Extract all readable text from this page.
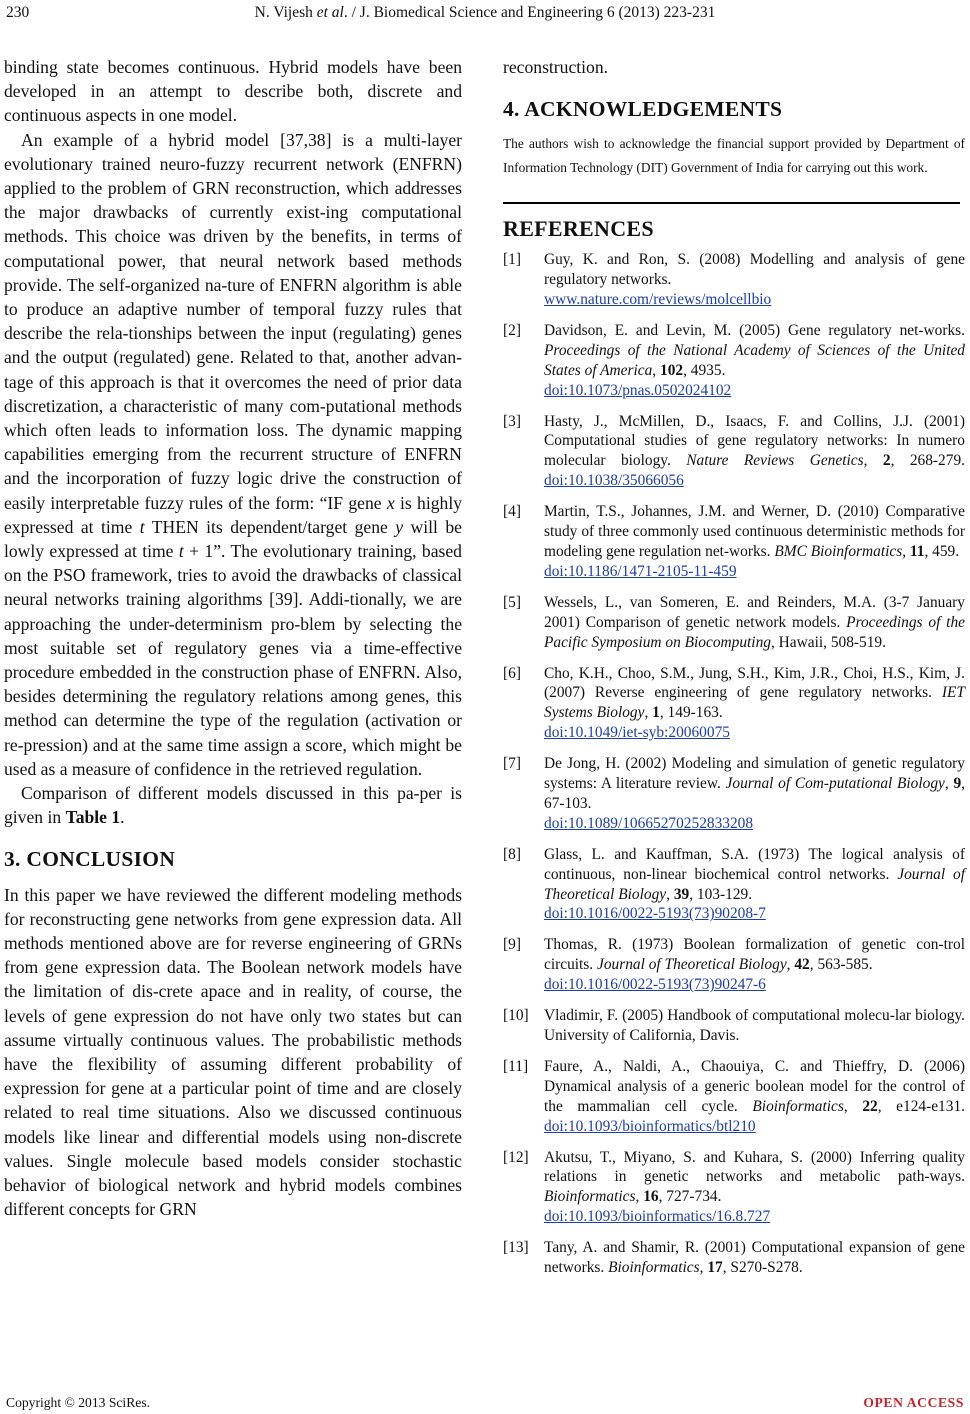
230	N. Vijesh et al. / J. Biomedical Science and Engineering 6 (2013) 223-231

binding state becomes continuous. Hybrid models have been developed in an attempt to describe both, discrete and continuous aspects in one model.

An example of a hybrid model [37,38] is a multi-layer evolutionary trained neuro-fuzzy recurrent network (ENFRN) applied to the problem of GRN reconstruction, which addresses the major drawbacks of currently exist-ing computational methods. This choice was driven by the benefits, in terms of computational power, that neural network based methods provide. The self-organized na-ture of ENFRN algorithm is able to produce an adaptive number of temporal fuzzy rules that describe the rela-tionships between the input (regulating) genes and the output (regulated) gene. Related to that, another advan-tage of this approach is that it overcomes the need of prior data discretization, a characteristic of many com-putational methods which often leads to information loss. The dynamic mapping capabilities emerging from the recurrent structure of ENFRN and the incorporation of fuzzy logic drive the construction of easily interpretable fuzzy rules of the form: “IF gene x is highly expressed at time t THEN its dependent/target gene y will be lowly expressed at time t + 1”. The evolutionary training, based on the PSO framework, tries to avoid the drawbacks of classical neural networks training algorithms [39]. Addi-tionally, we are approaching the under-determinism pro-blem by selecting the most suitable set of regulatory genes via a time-effective procedure embedded in the construction phase of ENFRN. Also, besides determining the regulatory relations among genes, this method can determine the type of the regulation (activation or re-pression) and at the same time assign a score, which might be used as a measure of confidence in the retrieved regulation.

Comparison of different models discussed in this pa-per is given in Table 1.

3. CONCLUSION

In this paper we have reviewed the different modeling methods for reconstructing gene networks from gene expression data. All methods mentioned above are for reverse engineering of GRNs from gene expression data. The Boolean network models have the limitation of dis-crete apace and in reality, of course, the levels of gene expression do not have only two states but can assume virtually continuous values. The probabilistic methods have the flexibility of assuming different probability of expression for gene at a particular point of time and are closely related to real time situations. Also we discussed continuous models like linear and differential models using non-discrete values. Single molecule based models consider stochastic behavior of biological network and hybrid models combines different concepts for GRN

reconstruction.

4. ACKNOWLEDGEMENTS

The authors wish to acknowledge the financial support provided by Department of Information Technology (DIT) Government of India for carrying out this work.

REFERENCES
[1] Guy, K. and Ron, S. (2008) Modelling and analysis of gene regulatory networks.
www.nature.com/reviews/molcellbio
[2] Davidson, E. and Levin, M. (2005) Gene regulatory net-works. Proceedings of the National Academy of Sciences of the United States of America, 102, 4935.
doi:10.1073/pnas.0502024102
[3] Hasty, J., McMillen, D., Isaacs, F. and Collins, J.J. (2001) Computational studies of gene regulatory networks: In numero molecular biology. Nature Reviews Genetics, 2, 268-279. doi:10.1038/35066056
[4] Martin, T.S., Johannes, J.M. and Werner, D. (2010) Comparative study of three commonly used continuous deterministic methods for modeling gene regulation net-works. BMC Bioinformatics, 11, 459.
doi:10.1186/1471-2105-11-459
[5] Wessels, L., van Someren, E. and Reinders, M.A. (3-7 January 2001) Comparison of genetic network models. Proceedings of the Pacific Symposium on Biocomputing, Hawaii, 508-519.
[6] Cho, K.H., Choo, S.M., Jung, S.H., Kim, J.R., Choi, H.S., Kim, J. (2007) Reverse engineering of gene regulatory networks. IET Systems Biology, 1, 149-163.
doi:10.1049/iet-syb:20060075
[7] De Jong, H. (2002) Modeling and simulation of genetic regulatory systems: A literature review. Journal of Com-putational Biology, 9, 67-103.
doi:10.1089/10665270252833208
[8] Glass, L. and Kauffman, S.A. (1973) The logical analysis of continuous, non-linear biochemical control networks. Journal of Theoretical Biology, 39, 103-129.
doi:10.1016/0022-5193(73)90208-7
[9] Thomas, R. (1973) Boolean formalization of genetic con-trol circuits. Journal of Theoretical Biology, 42, 563-585.
doi:10.1016/0022-5193(73)90247-6
[10] Vladimir, F. (2005) Handbook of computational molecu-lar biology. University of California, Davis.
[11] Faure, A., Naldi, A., Chaouiya, C. and Thieffry, D. (2006) Dynamical analysis of a generic boolean model for the control of the mammalian cell cycle. Bioinformatics, 22, e124-e131. doi:10.1093/bioinformatics/btl210
[12] Akutsu, T., Miyano, S. and Kuhara, S. (2000) Inferring quality relations in genetic networks and metabolic path-ways. Bioinformatics, 16, 727-734.
doi:10.1093/bioinformatics/16.8.727
[13] Tany, A. and Shamir, R. (2001) Computational expansion of gene networks. Bioinformatics, 17, S270-S278.
Copyright © 2013 SciRes.	OPEN ACCESS
